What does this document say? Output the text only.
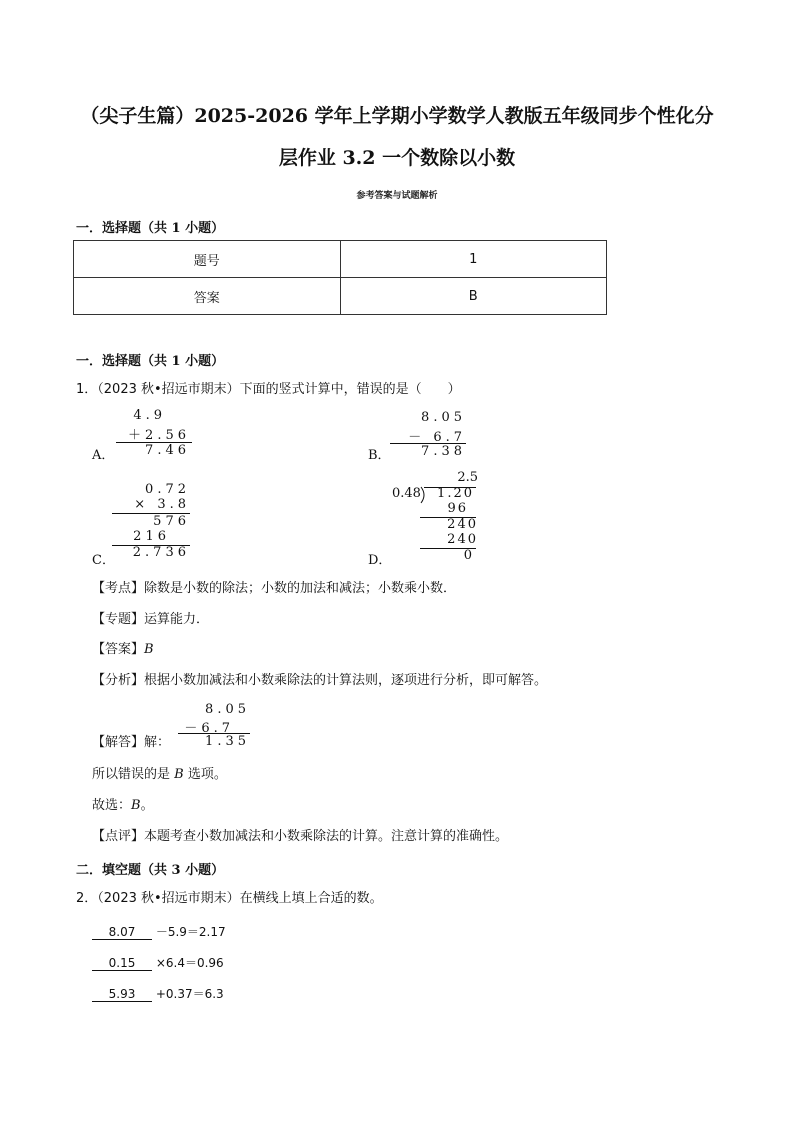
（尖子生篇）2025-2026 学年上学期小学数学人教版五年级同步个性化分
层作业 3.2 一个数除以小数
参考答案与试题解析
一．选择题（共 1 小题）
题号	1
答案	B
一．选择题（共 1 小题）
1．（2023 秋•招远市期末）下面的竖式计算中，错误的是（　　）
4.9
＋2.56
7.46
A．
8.05
－ 6.7
7.38
B．
0.72
× 3.8
576
216
2.736
C．
2.5
0.48 1.20
96
240
240
0
D．
【考点】除数是小数的除法；小数的加法和减法；小数乘小数．
【专题】运算能力．
【答案】B
【分析】根据小数加减法和小数乘除法的计算法则，逐项进行分析，即可解答。
8.05
－6.7
1.35
【解答】解：
所以错误的是 B 选项。
故选：B。
【点评】本题考查小数加减法和小数乘除法的计算。注意计算的准确性。
二．填空题（共 3 小题）
2．（2023 秋•招远市期末）在横线上填上合适的数。
8.07 －5.9＝2.17
0.15 ×6.4＝0.96
5.93 +0.37＝6.3
